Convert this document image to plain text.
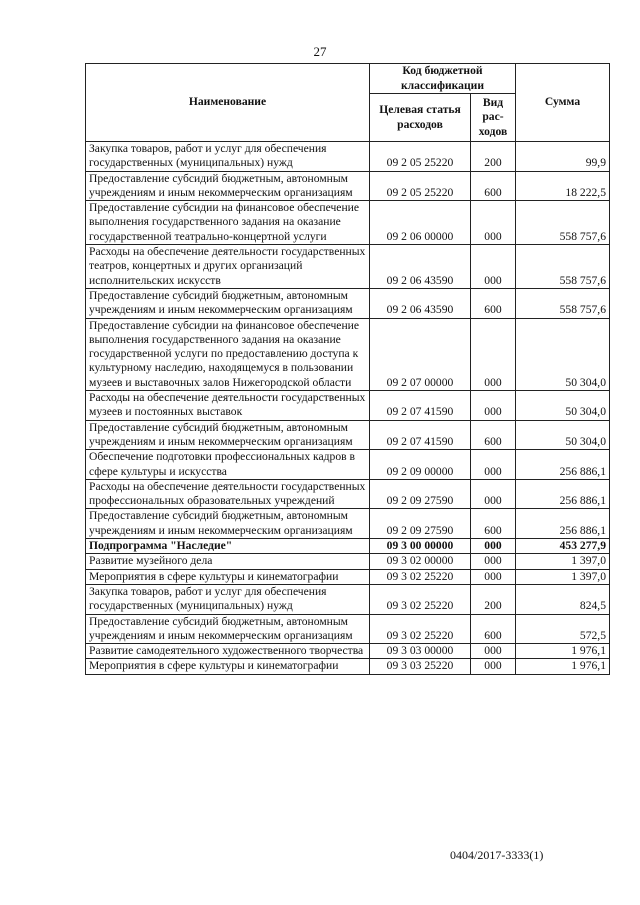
27
Наименование	Код бюджетной классификации		Сумма
	Целевая статья расходов	Вид рас-ходов	
Закупка товаров, работ и услуг для обеспечения государственных (муниципальных) нужд	09 2 05 25220	200	99,9
Предоставление субсидий бюджетным, автономным учреждениям и иным некоммерческим организациям	09 2 05 25220	600	18 222,5
Предоставление субсидии на финансовое обеспечение выполнения государственного задания на оказание государственной театрально-концертной услуги	09 2 06 00000	000	558 757,6
Расходы на обеспечение деятельности государственных театров, концертных и других организаций исполнительских искусств	09 2 06 43590	000	558 757,6
Предоставление субсидий бюджетным, автономным учреждениям и иным некоммерческим организациям	09 2 06 43590	600	558 757,6
Предоставление субсидии на финансовое обеспечение выполнения государственного задания на оказание государственной услуги по предоставлению доступа к культурному наследию, находящемуся в пользовании музеев и выставочных залов Нижегородской области	09 2 07 00000	000	50 304,0
Расходы на обеспечение деятельности государственных музеев и постоянных выставок	09 2 07 41590	000	50 304,0
Предоставление субсидий бюджетным, автономным учреждениям и иным некоммерческим организациям	09 2 07 41590	600	50 304,0
Обеспечение подготовки профессиональных кадров в сфере культуры и искусства	09 2 09 00000	000	256 886,1
Расходы на обеспечение деятельности государственных профессиональных образовательных учреждений	09 2 09 27590	000	256 886,1
Предоставление субсидий бюджетным, автономным учреждениям и иным некоммерческим организациям	09 2 09 27590	600	256 886,1
Подпрограмма "Наследие"	09 3 00 00000	000	453 277,9
Развитие музейного дела	09 3 02 00000	000	1 397,0
Мероприятия в сфере культуры и кинематографии	09 3 02 25220	000	1 397,0
Закупка товаров, работ и услуг для обеспечения государственных (муниципальных) нужд	09 3 02 25220	200	824,5
Предоставление субсидий бюджетным, автономным учреждениям и иным некоммерческим организациям	09 3 02 25220	600	572,5
Развитие самодеятельного художественного творчества	09 3 03 00000	000	1 976,1
Мероприятия в сфере культуры и кинематографии	09 3 03 25220	000	1 976,1
0404/2017-3333(1)
